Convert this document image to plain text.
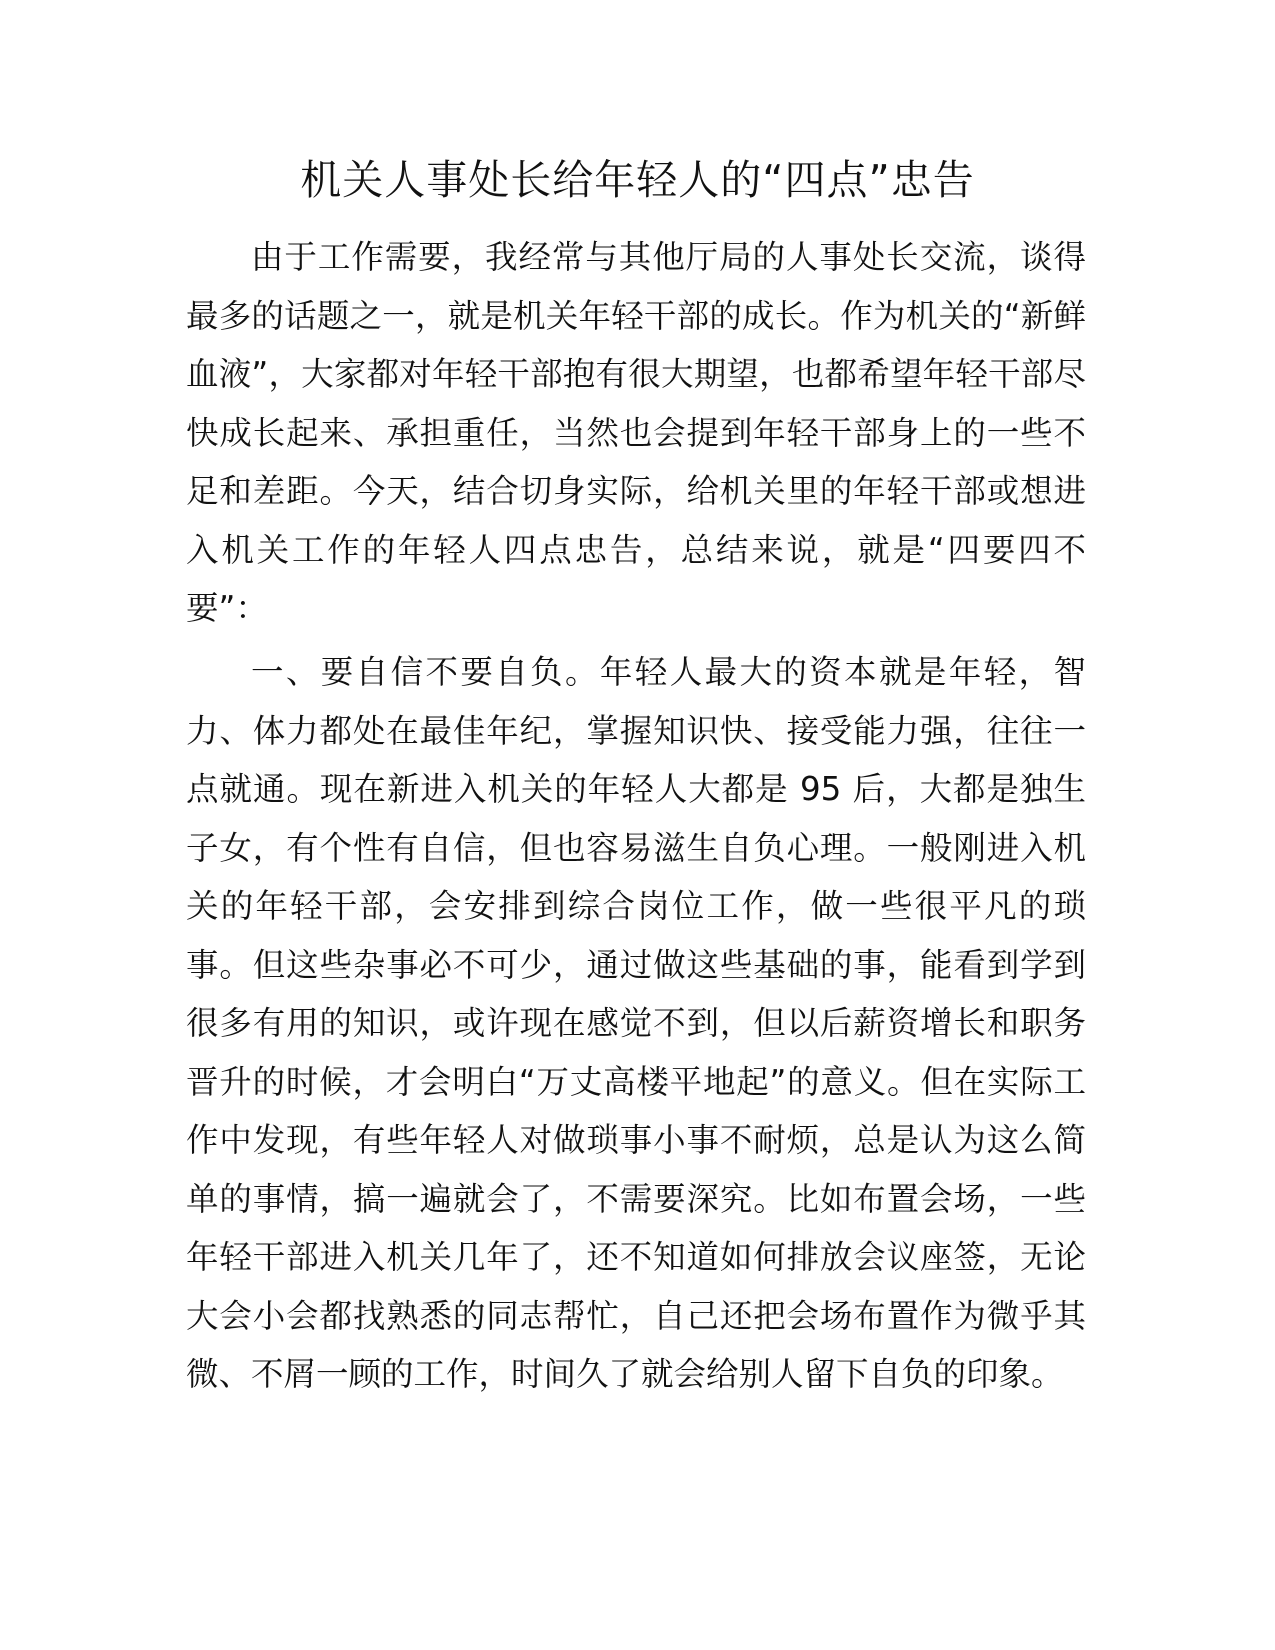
机关人事处长给年轻人的“四点”忠告

由于工作需要，我经常与其他厅局的人事处长交流，谈得最多的话题之一，就是机关年轻干部的成长。作为机关的“新鲜血液”，大家都对年轻干部抱有很大期望，也都希望年轻干部尽快成长起来、承担重任，当然也会提到年轻干部身上的一些不足和差距。今天，结合切身实际，给机关里的年轻干部或想进入机关工作的年轻人四点忠告，总结来说，就是“四要四不要”：

一、要自信不要自负。年轻人最大的资本就是年轻，智力、体力都处在最佳年纪，掌握知识快、接受能力强，往往一点就通。现在新进入机关的年轻人大都是 95 后，大都是独生子女，有个性有自信，但也容易滋生自负心理。一般刚进入机关的年轻干部，会安排到综合岗位工作，做一些很平凡的琐事。但这些杂事必不可少，通过做这些基础的事，能看到学到很多有用的知识，或许现在感觉不到，但以后薪资增长和职务晋升的时候，才会明白“万丈高楼平地起”的意义。但在实际工作中发现，有些年轻人对做琐事小事不耐烦，总是认为这么简单的事情，搞一遍就会了，不需要深究。比如布置会场，一些年轻干部进入机关几年了，还不知道如何排放会议座签，无论大会小会都找熟悉的同志帮忙，自己还把会场布置作为微乎其微、不屑一顾的工作，时间久了就会给别人留下自负的印象。
